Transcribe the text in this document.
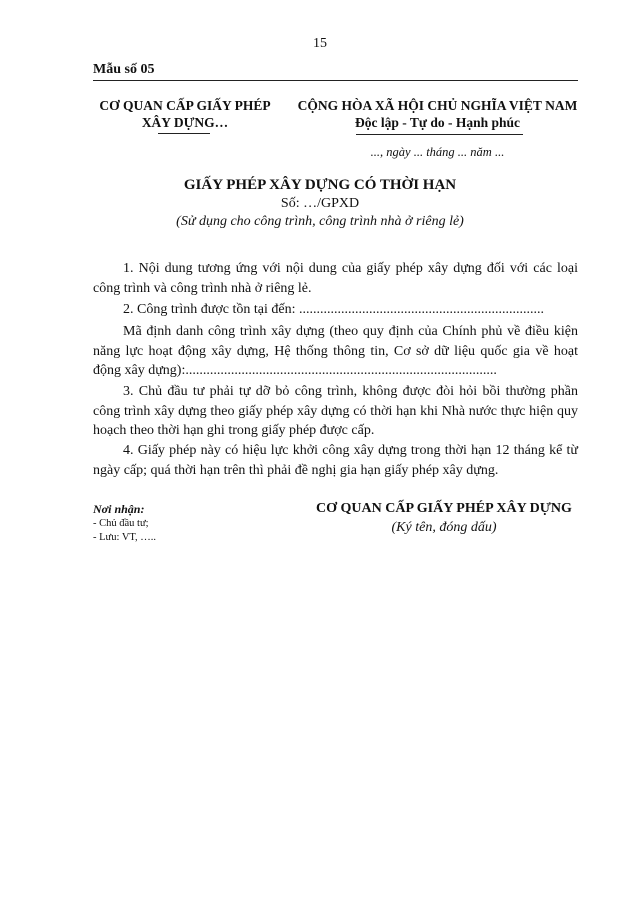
15
Mẫu số 05
CƠ QUAN CẤP GIẤY PHÉP
XÂY DỰNG…
CỘNG HÒA XÃ HỘI CHỦ NGHĨA VIỆT NAM
Độc lập - Tự do - Hạnh phúc
..., ngày ... tháng ... năm ...
GIẤY PHÉP XÂY DỰNG CÓ THỜI HẠN
Số: …/GPXD
(Sử dụng cho công trình, công trình nhà ở riêng lẻ)
1. Nội dung tương ứng với nội dung của giấy phép xây dựng đối với các loại công trình và công trình nhà ở riêng lẻ.
2. Công trình được tồn tại đến: ......................................................................
Mã định danh công trình xây dựng (theo quy định của Chính phủ về điều kiện năng lực hoạt động xây dựng, Hệ thống thông tin, Cơ sở dữ liệu quốc gia về hoạt động xây dựng):.........................................................................................
3. Chủ đầu tư phải tự dỡ bỏ công trình, không được đòi hỏi bồi thường phần công trình xây dựng theo giấy phép xây dựng có thời hạn khi Nhà nước thực hiện quy hoạch theo thời hạn ghi trong giấy phép được cấp.
4. Giấy phép này có hiệu lực khởi công xây dựng trong thời hạn 12 tháng kể từ ngày cấp; quá thời hạn trên thì phải đề nghị gia hạn giấy phép xây dựng.
Nơi nhận:
- Chủ đầu tư;
- Lưu: VT, …..
CƠ QUAN CẤP GIẤY PHÉP XÂY DỰNG
(Ký tên, đóng dấu)
